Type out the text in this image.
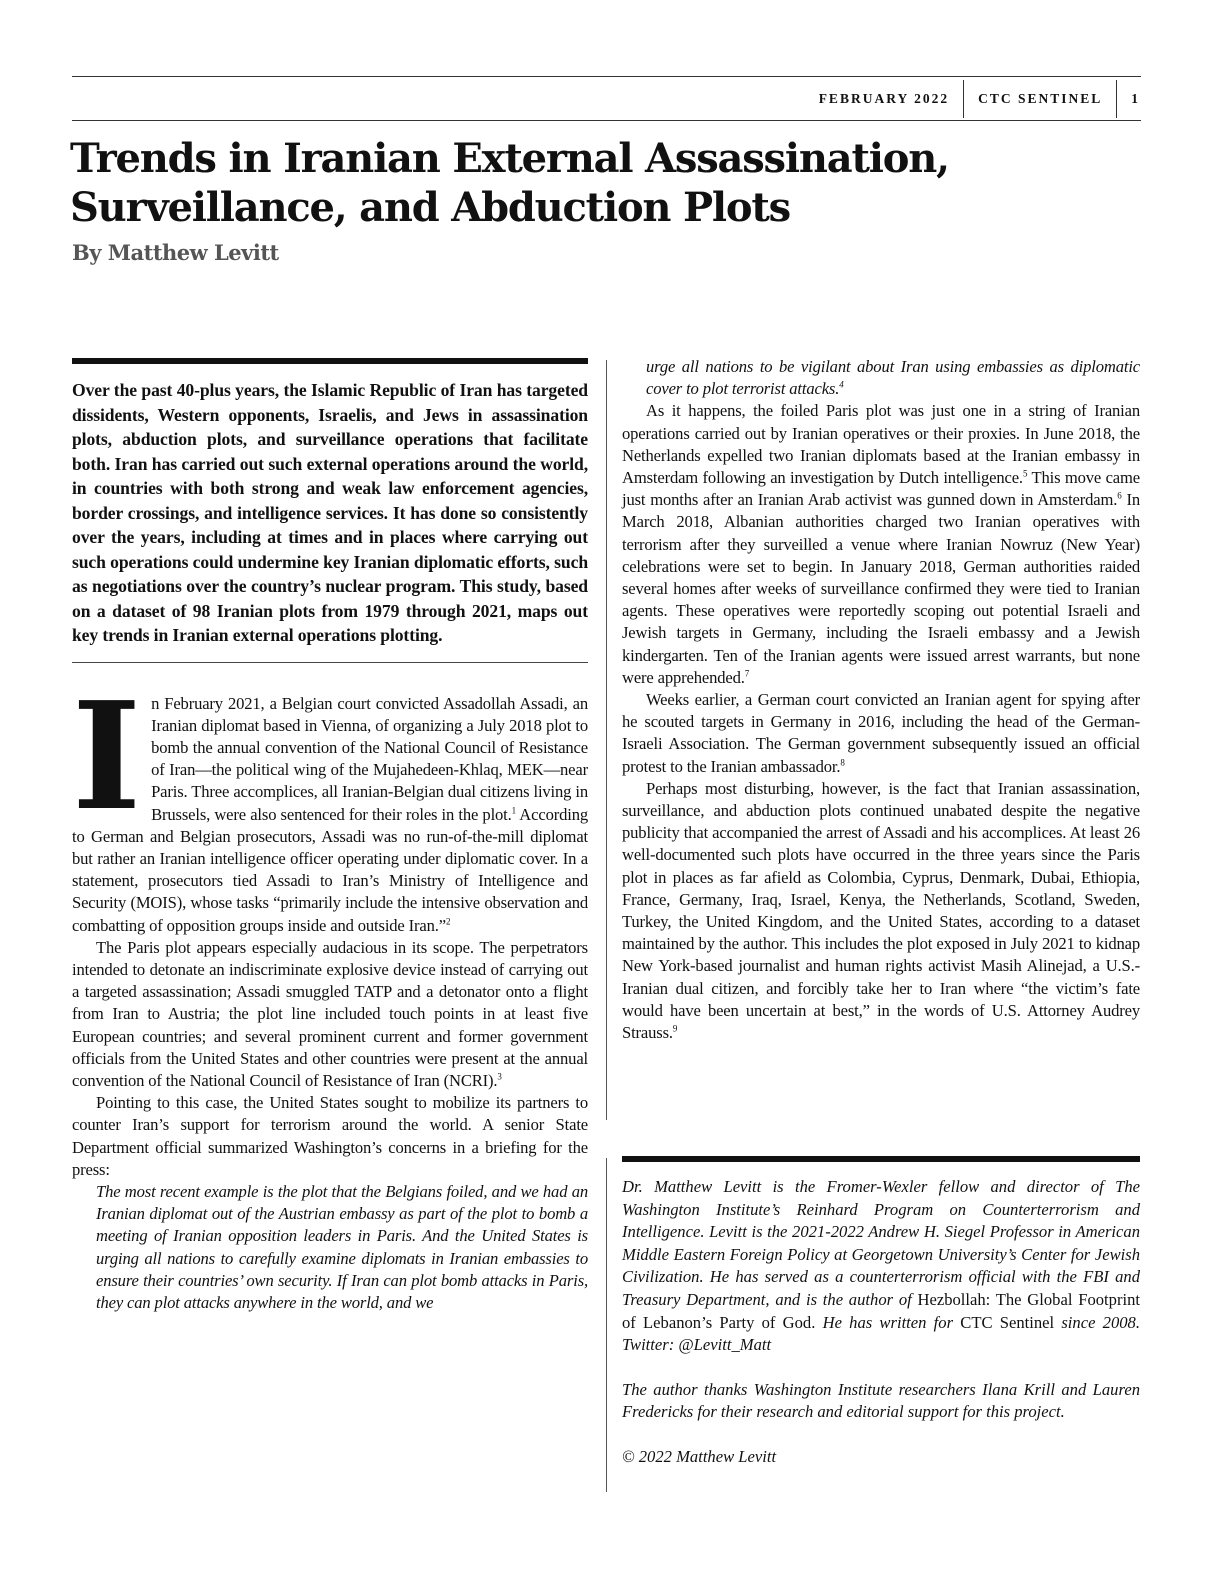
FEBRUARY 2022 CTC SENTINEL 1
Trends in Iranian External Assassination,
Surveillance, and Abduction Plots

By Matthew Levitt

Over the past 40-plus years, the Islamic Republic of Iran has targeted dissidents, Western opponents, Israelis, and Jews in assassination plots, abduction plots, and surveillance operations that facilitate both. Iran has carried out such external operations around the world, in countries with both strong and weak law enforcement agencies, border crossings, and intelligence services. It has done so consistently over the years, including at times and in places where carrying out such operations could undermine key Iranian diplomatic efforts, such as negotiations over the country’s nuclear program. This study, based on a dataset of 98 Iranian plots from 1979 through 2021, maps out key trends in Iranian external operations plotting.

In February 2021, a Belgian court convicted Assadollah Assadi, an Iranian diplomat based in Vienna, of organizing a July 2018 plot to bomb the annual convention of the National Council of Resistance of Iran—the political wing of the Mujahedeen-Khlaq, MEK—near Paris. Three accomplices, all Iranian-Belgian dual citizens living in Brussels, were also sentenced for their roles in the plot.$^1$ According to German and Belgian prosecutors, Assadi was no run-of-the-mill diplomat but rather an Iranian intelligence officer operating under diplomatic cover. In a statement, prosecutors tied Assadi to Iran’s Ministry of Intelligence and Security (MOIS), whose tasks “primarily include the intensive observation and combatting of opposition groups inside and outside Iran.”$^2$

The Paris plot appears especially audacious in its scope. The perpetrators intended to detonate an indiscriminate explosive device instead of carrying out a targeted assassination; Assadi smuggled TATP and a detonator onto a flight from Iran to Austria; the plot line included touch points in at least five European countries; and several prominent current and former government officials from the United States and other countries were present at the annual convention of the National Council of Resistance of Iran (NCRI).$^3$

Pointing to this case, the United States sought to mobilize its partners to counter Iran’s support for terrorism around the world. A senior State Department official summarized Washington’s concerns in a briefing for the press:

The most recent example is the plot that the Belgians foiled, and we had an Iranian diplomat out of the Austrian embassy as part of the plot to bomb a meeting of Iranian opposition leaders in Paris. And the United States is urging all nations to carefully examine diplomats in Iranian embassies to ensure their countries’ own security. If Iran can plot bomb attacks in Paris, they can plot attacks anywhere in the world, and we

urge all nations to be vigilant about Iran using embassies as diplomatic cover to plot terrorist attacks.$^4$

As it happens, the foiled Paris plot was just one in a string of Iranian operations carried out by Iranian operatives or their proxies. In June 2018, the Netherlands expelled two Iranian diplomats based at the Iranian embassy in Amsterdam following an investigation by Dutch intelligence.$^5$ This move came just months after an Iranian Arab activist was gunned down in Amsterdam.$^6$ In March 2018, Albanian authorities charged two Iranian operatives with terrorism after they surveilled a venue where Iranian Nowruz (New Year) celebrations were set to begin. In January 2018, German authorities raided several homes after weeks of surveillance confirmed they were tied to Iranian agents. These operatives were reportedly scoping out potential Israeli and Jewish targets in Germany, including the Israeli embassy and a Jewish kindergarten. Ten of the Iranian agents were issued arrest warrants, but none were apprehended.$^7$

Weeks earlier, a German court convicted an Iranian agent for spying after he scouted targets in Germany in 2016, including the head of the German-Israeli Association. The German government subsequently issued an official protest to the Iranian ambassador.$^8$

Perhaps most disturbing, however, is the fact that Iranian assassination, surveillance, and abduction plots continued unabated despite the negative publicity that accompanied the arrest of Assadi and his accomplices. At least 26 well-documented such plots have occurred in the three years since the Paris plot in places as far afield as Colombia, Cyprus, Denmark, Dubai, Ethiopia, France, Germany, Iraq, Israel, Kenya, the Netherlands, Scotland, Sweden, Turkey, the United Kingdom, and the United States, according to a dataset maintained by the author. This includes the plot exposed in July 2021 to kidnap New York-based journalist and human rights activist Masih Alinejad, a U.S.-Iranian dual citizen, and forcibly take her to Iran where “the victim’s fate would have been uncertain at best,” in the words of U.S. Attorney Audrey Strauss.$^9$

Dr. Matthew Levitt is the Fromer-Wexler fellow and director of The Washington Institute’s Reinhard Program on Counterterrorism and Intelligence. Levitt is the 2021-2022 Andrew H. Siegel Professor in American Middle Eastern Foreign Policy at Georgetown University’s Center for Jewish Civilization. He has served as a counterterrorism official with the FBI and Treasury Department, and is the author of Hezbollah: The Global Footprint of Lebanon’s Party of God. He has written for CTC Sentinel since 2008. Twitter: @Levitt_Matt

The author thanks Washington Institute researchers Ilana Krill and Lauren Fredericks for their research and editorial support for this project.

© 2022 Matthew Levitt
